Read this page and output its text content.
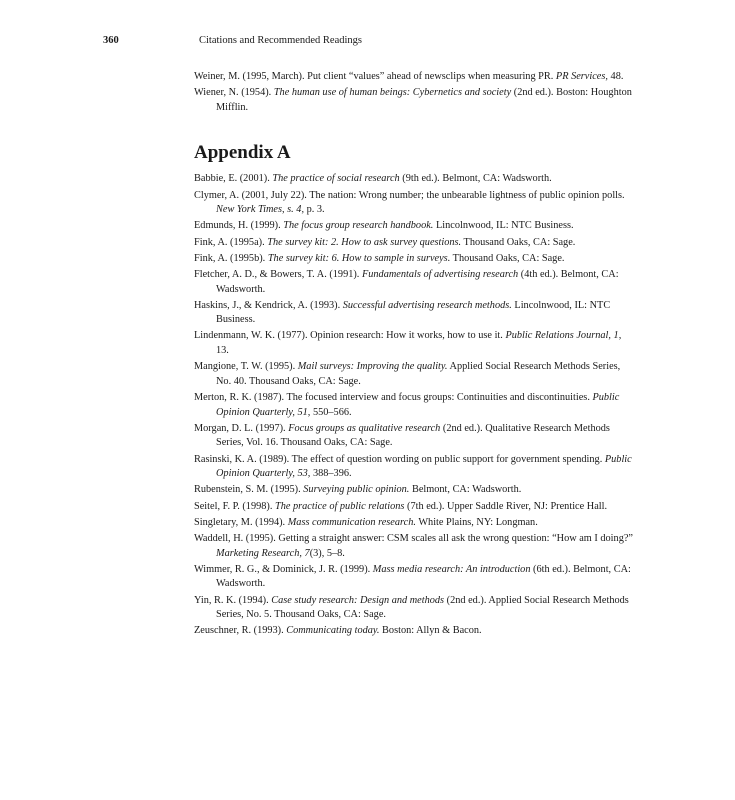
360	Citations and Recommended Readings

Weiner, M. (1995, March). Put client “values” ahead of newsclips when measuring PR. PR Services, 48.

Wiener, N. (1954). The human use of human beings: Cybernetics and society (2nd ed.). Boston: Houghton Mifflin.

Appendix A

Babbie, E. (2001). The practice of social research (9th ed.). Belmont, CA: Wadsworth.

Clymer, A. (2001, July 22). The nation: Wrong number; the unbearable lightness of public opinion polls. New York Times, s. 4, p. 3.

Edmunds, H. (1999). The focus group research handbook. Lincolnwood, IL: NTC Business.

Fink, A. (1995a). The survey kit: 2. How to ask survey questions. Thousand Oaks, CA: Sage.

Fink, A. (1995b). The survey kit: 6. How to sample in surveys. Thousand Oaks, CA: Sage.

Fletcher, A. D., & Bowers, T. A. (1991). Fundamentals of advertising research (4th ed.). Belmont, CA: Wadsworth.

Haskins, J., & Kendrick, A. (1993). Successful advertising research methods. Lincolnwood, IL: NTC Business.

Lindenmann, W. K. (1977). Opinion research: How it works, how to use it. Public Relations Journal, 1, 13.

Mangione, T. W. (1995). Mail surveys: Improving the quality. Applied Social Research Methods Series, No. 40. Thousand Oaks, CA: Sage.

Merton, R. K. (1987). The focused interview and focus groups: Continuities and discontinuities. Public Opinion Quarterly, 51, 550–566.

Morgan, D. L. (1997). Focus groups as qualitative research (2nd ed.). Qualitative Research Methods Series, Vol. 16. Thousand Oaks, CA: Sage.

Rasinski, K. A. (1989). The effect of question wording on public support for government spending. Public Opinion Quarterly, 53, 388–396.

Rubenstein, S. M. (1995). Surveying public opinion. Belmont, CA: Wadsworth.

Seitel, F. P. (1998). The practice of public relations (7th ed.). Upper Saddle River, NJ: Prentice Hall.

Singletary, M. (1994). Mass communication research. White Plains, NY: Longman.

Waddell, H. (1995). Getting a straight answer: CSM scales all ask the wrong question: “How am I doing?” Marketing Research, 7(3), 5–8.

Wimmer, R. G., & Dominick, J. R. (1999). Mass media research: An introduction (6th ed.). Belmont, CA: Wadsworth.

Yin, R. K. (1994). Case study research: Design and methods (2nd ed.). Applied Social Research Methods Series, No. 5. Thousand Oaks, CA: Sage.

Zeuschner, R. (1993). Communicating today. Boston: Allyn & Bacon.
